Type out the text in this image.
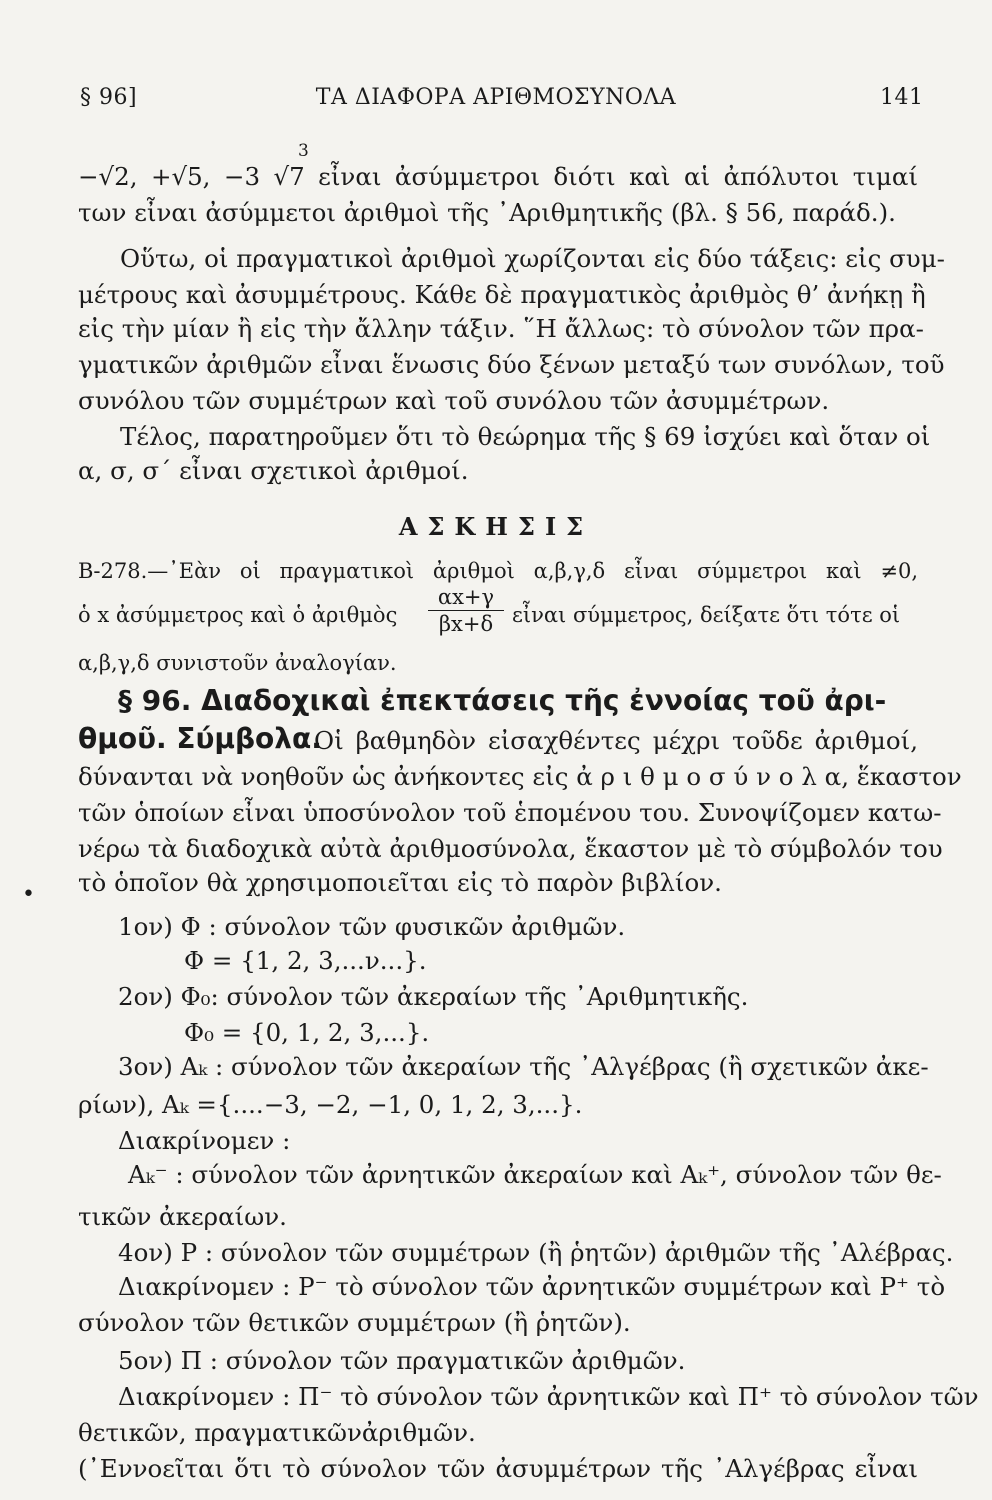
§ 96]	ΤΑ ΔΙΑΦΟΡΑ ΑΡΙΘΜΟΣΥΝΟΛΑ	141
3
−√2, +√5, −3 √7 εἶναι ἀσύμμετροι διότι καὶ αἱ ἀπόλυτοι τιμαί
των εἶναι ἀσύμμετοι ἀριθμοὶ τῆς ᾿Αριθμητικῆς (βλ. § 56, παράδ.).
Οὕτω, οἱ πραγματικοὶ ἀριθμοὶ χωρίζονται εἰς δύο τάξεις: εἰς συμ-
μέτρους καὶ ἀσυμμέτρους. Κάθε δὲ πραγματικὸς ἀριθμὸς θ’ ἀνήκῃ ἢ
εἰς τὴν μίαν ἢ εἰς τὴν ἄλλην τάξιν. ῞Η ἄλλως: τὸ σύνολον τῶν πρα-
γματικῶν ἀριθμῶν εἶναι ἕνωσις δύο ξένων μεταξύ των συνόλων, τοῦ
συνόλου τῶν συμμέτρων καὶ τοῦ συνόλου τῶν ἀσυμμέτρων.
Τέλος, παρατηροῦμεν ὅτι τὸ θεώρημα τῆς § 69 ἰσχύει καὶ ὅταν οἱ
α, σ, σ΄ εἶναι σχετικοὶ ἀριθμοί.
ΑΣΚΗΣΙΣ
Β-278.—᾿Εὰν οἱ πραγματικοὶ ἀριθμοὶ α,β,γ,δ εἶναι σύμμετροι καὶ ≠0,
ὁ x ἀσύμμετρος καὶ ὁ ἀριθμὸς	$\frac{\alpha x+\gamma}{\beta x+\delta}$ εἶναι σύμμετρος, δείξατε ὅτι τότε οἱ
α,β,γ,δ συνιστοῦν ἀναλογίαν.
§ 96. Διαδοχικαὶ ἐπεκτάσεις τῆς ἐννοίας τοῦ ἀρι-
θμοῦ. Σύμβολα.
Οἱ βαθμηδὸν εἰσαχθέντες μέχρι τοῦδε ἀριθμοί,
δύνανται νὰ νοηθοῦν ὡς ἀνήκοντες εἰς ἀ ρ ι θ μ ο σ ύ ν ο λ α, ἕκαστον
τῶν ὁποίων εἶναι ὑποσύνολον τοῦ ἑπομένου του. Συνοψίζομεν κατω-
νέρω τὰ διαδοχικὰ αὐτὰ ἀριθμοσύνολα, ἕκαστον μὲ τὸ σύμβολόν του
τὸ ὁποῖον θὰ χρησιμοποιεῖται εἰς τὸ παρὸν βιβλίον.
•
1ον) Φ : σύνολον τῶν φυσικῶν ἀριθμῶν.
Φ = {1, 2, 3,...ν...}.
2ον) Φ₀: σύνολον τῶν ἀκεραίων τῆς ᾿Αριθμητικῆς.
Φ₀ = {0, 1, 2, 3,...}.
3ον) Aₖ : σύνολον τῶν ἀκεραίων τῆς ᾿Αλγέβρας (ἢ σχετικῶν ἀκε-
ρίων), Aₖ ={....−3, −2, −1, 0, 1, 2, 3,...}.
Διακρίνομεν :
Aₖ⁻ : σύνολον τῶν ἀρνητικῶν ἀκεραίων καὶ Aₖ⁺, σύνολον τῶν θε-
τικῶν ἀκεραίων.
4ον) P : σύνολον τῶν συμμέτρων (ἢ ῥητῶν) ἀριθμῶν τῆς ᾿Αλέβρας.
Διακρίνομεν : P⁻ τὸ σύνολον τῶν ἀρνητικῶν συμμέτρων καὶ P⁺ τὸ
σύνολον τῶν θετικῶν συμμέτρων (ἢ ῥητῶν).
5ον) Π : σύνολον τῶν πραγματικῶν ἀριθμῶν.
Διακρίνομεν : Π⁻ τὸ σύνολον τῶν ἀρνητικῶν καὶ Π⁺ τὸ σύνολον τῶν
θετικῶν, πραγματικῶνἀριθμῶν.
(᾿Εννοεῖται ὅτι τὸ σύνολον τῶν ἀσυμμέτρων τῆς ᾿Αλγέβρας εἶναι
